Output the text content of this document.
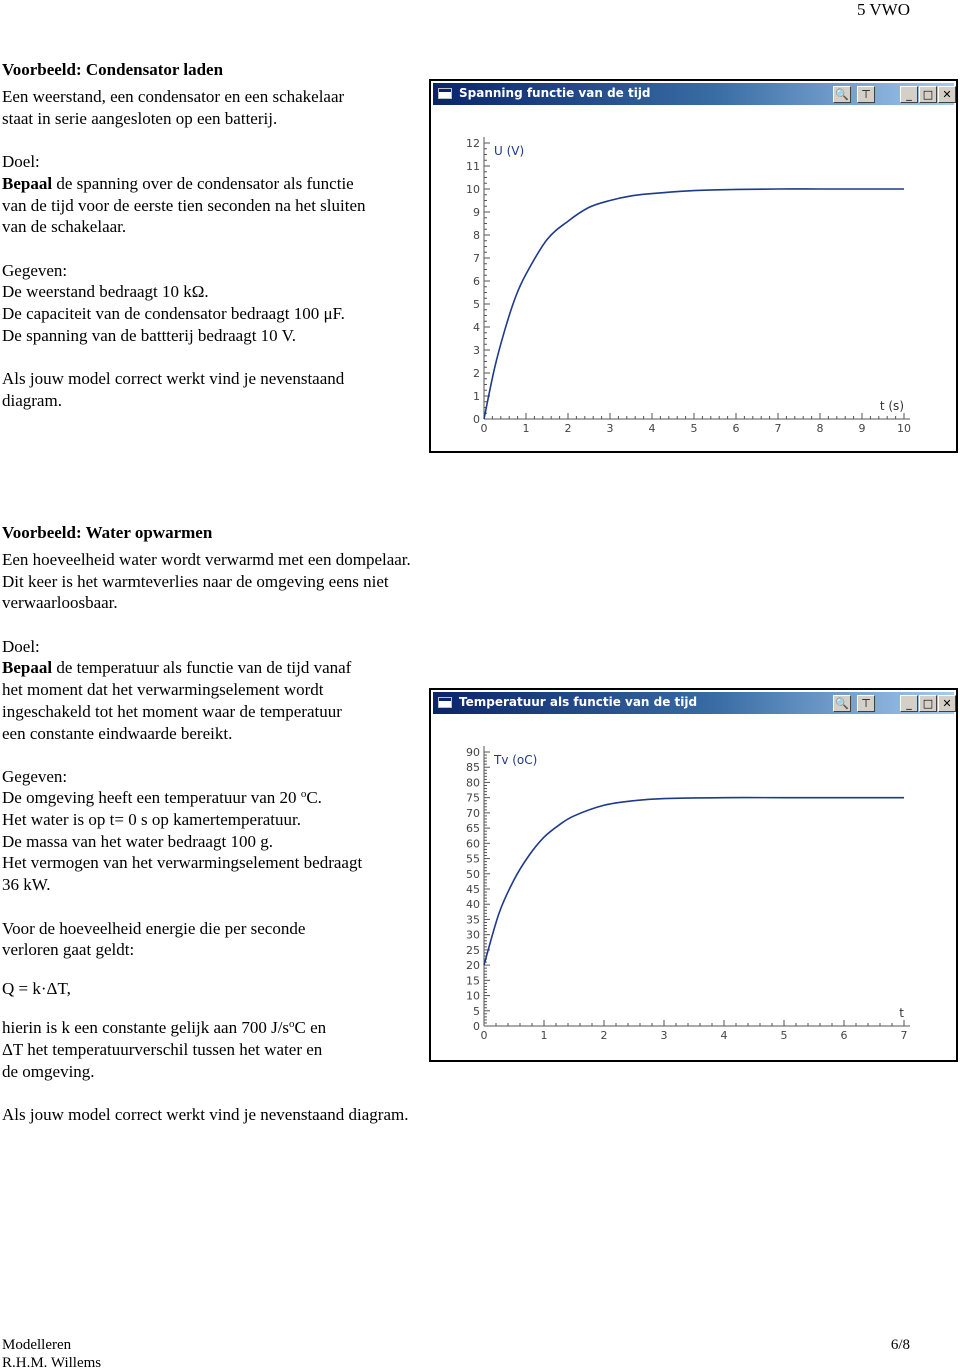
5 VWO
Voorbeeld: Condensator laden
Een weerstand, een condensator en een schakelaar
staat in serie aangesloten op een batterij.
Doel:
Bepaal de spanning over de condensator als functie
van de tijd voor de eerste tien seconden na het sluiten
van de schakelaar.
Gegeven:
De weerstand bedraagt 10 kΩ.
De capaciteit van de condensator bedraagt 100 μF.
De spanning van de battterij bedraagt 10 V.
Als jouw model correct werkt vind je nevenstaand
diagram.
Spanning functie van de tijd	🔍	⊤	_	□ ✕
0
1
2
3
4
5
6
7
8
9
10
11
12
0	1	2	3	4	5	6	7	8	9	10
U (V)
t (s)
Voorbeeld: Water opwarmen
Een hoeveelheid water wordt verwarmd met een dompelaar.
Dit keer is het warmteverlies naar de omgeving eens niet
verwaarloosbaar.
Doel:
Bepaal de temperatuur als functie van de tijd vanaf
het moment dat het verwarmingselement wordt
ingeschakeld tot het moment waar de temperatuur
een constante eindwaarde bereikt.
Gegeven:
De omgeving heeft een temperatuur van 20 $^o$C.
Het water is op t= 0 s op kamertemperatuur.
De massa van het water bedraagt 100 g.
Het vermogen van het verwarmingselement bedraagt
36 kW.
Voor de hoeveelheid energie die per seconde
verloren gaat geldt:
Q = k·ΔT,
hierin is k een constante gelijk aan 700 $J/s^oC$ en
ΔT het temperatuurverschil tussen het water en
de omgeving.
Als jouw model correct werkt vind je nevenstaand diagram.
Temperatuur als functie van de tijd	🔍	⊤	_	□ ✕
0
5
10
15
20
25
30
35
40
45
50
55
60
65
70
75
80
85
90
0	1	2	3	4	5	6	7
Tv (oC)
t
Modelleren
R.H.M. Willems
6/8
